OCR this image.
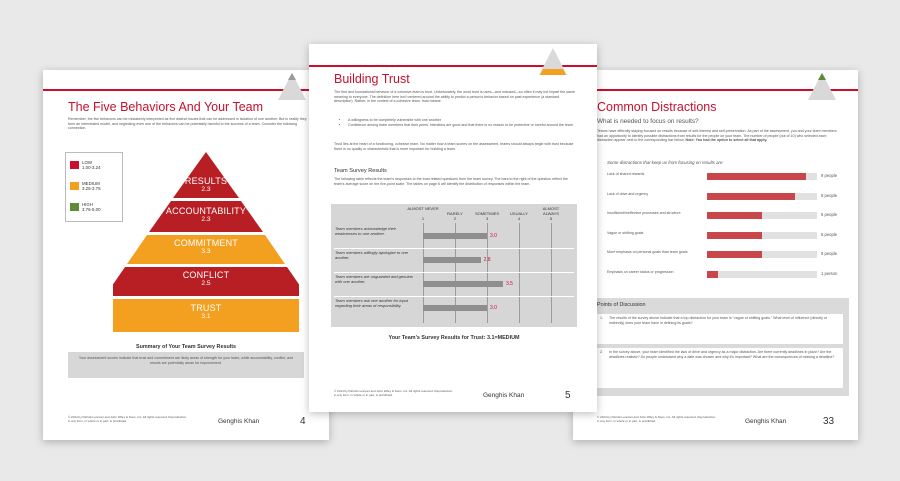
The Five Behaviors And Your Team
Remember, the five behaviors can be mistakenly interpreted as five distinct issues that can be addressed in isolation of one another. But in reality they form an interrelated model, and neglecting even one of the behaviors can be potentially harmful to the success of a team. Consider the following connection.
LOW
1.00-3.24
MEDIUM
3.25-3.75
HIGH
3.76-5.00
RESULTS
2.3
ACCOUNTABILITY
2.3
COMMITMENT
3.3
CONFLICT
2.5
TRUST
3.1
Summary of Your Team Survey Results
Your assessment scores indicate that trust and commitment are likely areas of strength for your team, while accountability, conflict, and results are potentially areas for improvement.
© 2014 by Patrick Lencioni and John Wiley & Sons, Inc. All rights reserved. Reproduction in any form, in whole or in part, is prohibited.	Genghis Khan	4
Common Distractions
What is needed to focus on results?
Teams have difficulty staying focused on results because of self-interest and self-preservation. As part of the assessment, you and your team members had an opportunity to identify possible distractions from results for the people on your team. The number of people (out of 10) who selected each distraction appear next to the corresponding bar below. Note: You had the option to select all that apply.
Some distractions that keep us from focusing on results are:
Lack of shared rewards	9 people
Lack of drive and urgency	8 people
Insufficient/ineffective processes and structure	5 people
Vague or shifting goals	5 people
More emphasis on personal goals than team goals	5 people
Emphasis on career status or progression	1 person
Points of Discussion
1. The results of the survey above indicate that a top distraction for your team is "vague or shifting goals." What level of influence (directly or indirectly) does your team have in defining its goals?
2. In the survey above, your team identified the lack of drive and urgency as a major distraction. Are there currently deadlines in place? Are the deadlines realistic? Do people understand why a date was chosen and why it's important? What are the consequences of missing a deadline?
© 2014 by Patrick Lencioni and John Wiley & Sons, Inc. All rights reserved. Reproduction in any form, in whole or in part, is prohibited.	Genghis Khan	33
Building Trust
The first and foundational behavior of a cohesive team is trust. Unfortunately, the word trust is used—and misused—so often it may not impart the same meaning to everyone. The definition here isn't centered around the ability to predict a person's behavior based on past experience (a standard description). Rather, in the context of a cohesive team, trust means:
• A willingness to be completely vulnerable with one another
• Confidence among team members that their peers' intentions are good and that there is no reason to be protective or careful around the team
Trust lies at the heart of a functioning, cohesive team. No matter how a team scores on the assessment, teams should always begin with trust because there is no quality or characteristic that is more important for building a team.
Team Survey Results
The following table reflects the team's responses to the trust related questions from the team survey. The bars to the right of the question reflect the team's average score on the five-point scale. The tables on page 6 will identify the distribution of responses within the team.
ALMOST NEVER
1
RARELY
2
SOMETIMES
3
USUALLY
4
ALMOST ALWAYS
5
Team members acknowledge their weaknesses to one another.	3.0
Team members willingly apologize to one another.	2.8
Team members are unguarded and genuine with one another.	3.5
Team members ask one another for input regarding their areas of responsibility.	3.0
Your Team's Survey Results for Trust: 3.1=MEDIUM
© 2014 by Patrick Lencioni and John Wiley & Sons, Inc. All rights reserved. Reproduction in any form, in whole or in part, is prohibited.	Genghis Khan	5
